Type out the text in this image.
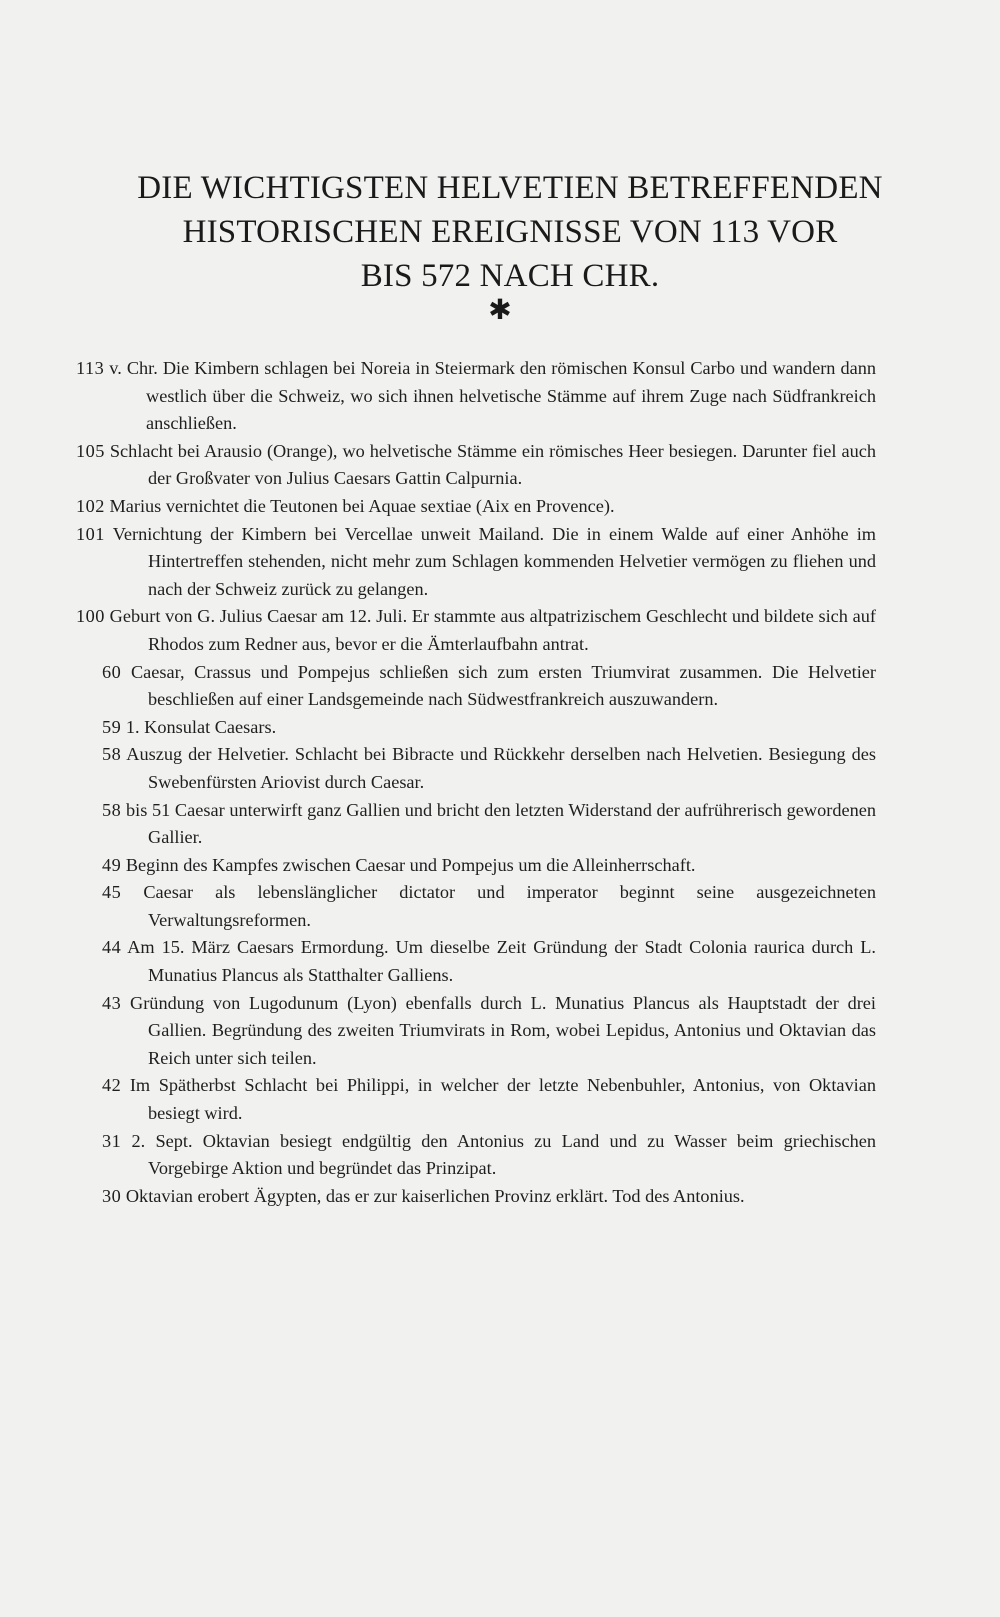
DIE WICHTIGSTEN HELVETIEN BETREFFENDEN
HISTORISCHEN EREIGNISSE VON 113 VOR
BIS 572 NACH CHR.
✱
113 v. Chr. Die Kimbern schlagen bei Noreia in Steiermark den römischen Konsul Carbo und wandern dann westlich über die Schweiz, wo sich ihnen helvetische Stämme auf ihrem Zuge nach Südfrankreich anschließen.
105 Schlacht bei Arausio (Orange), wo helvetische Stämme ein römisches Heer besiegen. Darunter fiel auch der Großvater von Julius Caesars Gattin Calpurnia.
102 Marius vernichtet die Teutonen bei Aquae sextiae (Aix en Provence).
101 Vernichtung der Kimbern bei Vercellae unweit Mailand. Die in einem Walde auf einer Anhöhe im Hintertreffen stehenden, nicht mehr zum Schlagen kommenden Helvetier vermögen zu fliehen und nach der Schweiz zurück zu gelangen.
100 Geburt von G. Julius Caesar am 12. Juli. Er stammte aus altpatrizischem Geschlecht und bildete sich auf Rhodos zum Redner aus, bevor er die Ämterlaufbahn antrat.
60 Caesar, Crassus und Pompejus schließen sich zum ersten Triumvirat zusammen. Die Helvetier beschließen auf einer Landsgemeinde nach Südwestfrankreich auszuwandern.
59 1. Konsulat Caesars.
58 Auszug der Helvetier. Schlacht bei Bibracte und Rückkehr derselben nach Helvetien. Besiegung des Swebenfürsten Ariovist durch Caesar.
58 bis 51 Caesar unterwirft ganz Gallien und bricht den letzten Widerstand der aufrührerisch gewordenen Gallier.
49 Beginn des Kampfes zwischen Caesar und Pompejus um die Alleinherrschaft.
45 Caesar als lebenslänglicher dictator und imperator beginnt seine ausgezeichneten Verwaltungsreformen.
44 Am 15. März Caesars Ermordung. Um dieselbe Zeit Gründung der Stadt Colonia raurica durch L. Munatius Plancus als Statthalter Galliens.
43 Gründung von Lugodunum (Lyon) ebenfalls durch L. Munatius Plancus als Hauptstadt der drei Gallien. Begründung des zweiten Triumvirats in Rom, wobei Lepidus, Antonius und Oktavian das Reich unter sich teilen.
42 Im Spätherbst Schlacht bei Philippi, in welcher der letzte Nebenbuhler, Antonius, von Oktavian besiegt wird.
31 2. Sept. Oktavian besiegt endgültig den Antonius zu Land und zu Wasser beim griechischen Vorgebirge Aktion und begründet das Prinzipat.
30 Oktavian erobert Ägypten, das er zur kaiserlichen Provinz erklärt. Tod des Antonius.
